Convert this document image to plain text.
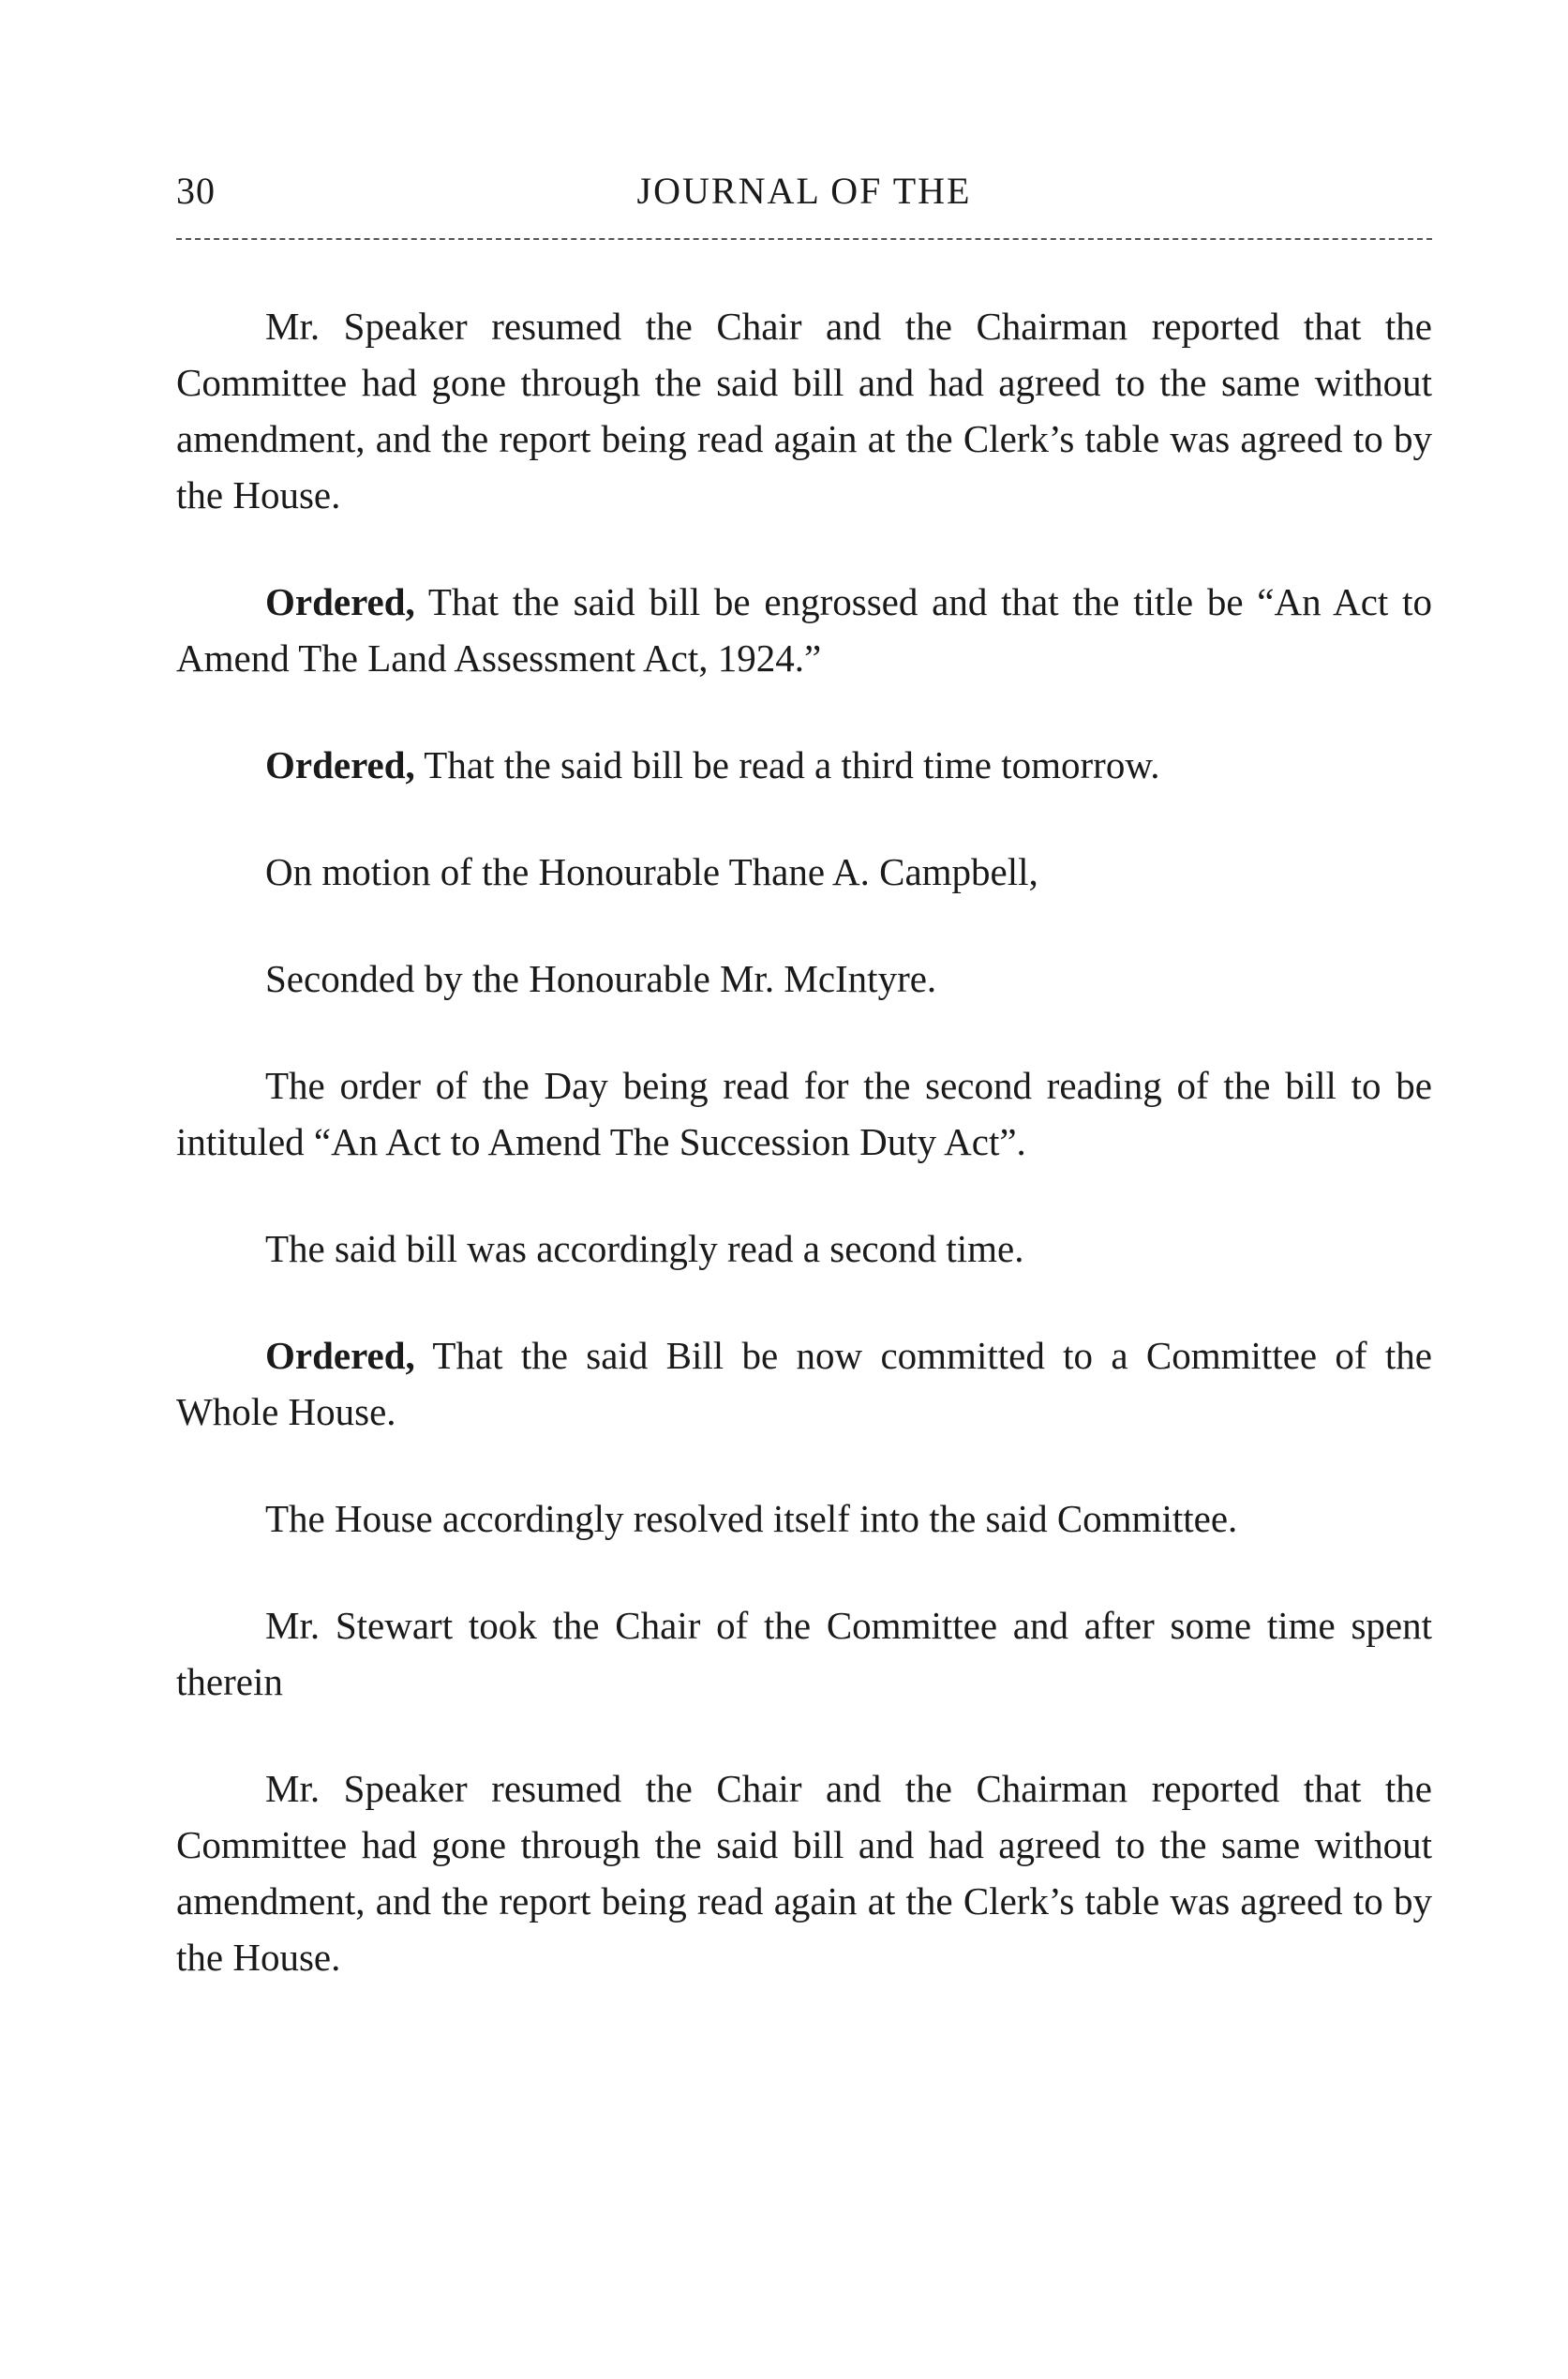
30	JOURNAL OF THE

Mr. Speaker resumed the Chair and the Chairman reported that the Committee had gone through the said bill and had agreed to the same without amendment, and the report being read again at the Clerk’s table was agreed to by the House.

Ordered, That the said bill be engrossed and that the title be “An Act to Amend The Land Assessment Act, 1924.”

Ordered, That the said bill be read a third time tomorrow.

On motion of the Honourable Thane A. Campbell,

Seconded by the Honourable Mr. McIntyre.

The order of the Day being read for the second reading of the bill to be intituled “An Act to Amend The Succession Duty Act”.

The said bill was accordingly read a second time.

Ordered, That the said Bill be now committed to a Committee of the Whole House.

The House accordingly resolved itself into the said Committee.

Mr. Stewart took the Chair of the Committee and after some time spent therein

Mr. Speaker resumed the Chair and the Chairman reported that the Committee had gone through the said bill and had agreed to the same without amendment, and the report being read again at the Clerk’s table was agreed to by the House.
